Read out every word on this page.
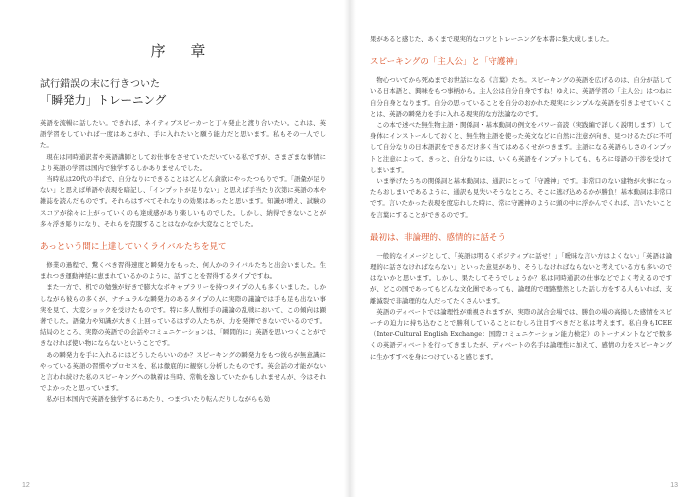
序 章
試行錯誤の末に行きついた
「瞬発力」トレーニング

英語を流暢に話したい。できれば、ネイティブスピーカーと丁々発止と渡り合いたい。これは、英語学習をしていれば一度はあこがれ、手に入れたいと願う能力だと思います。私もその一人でした。

現在は同時通訳者や英語講師としてお仕事をさせていただいている私ですが、さまざまな事情により英語の学習は国内で独学するしかありませんでした。

当時私は20代の半ばで、自分なりにできることはどんどん貪欲にやったつもりです。「語彙が足りない」と思えば単語や表現を暗記し、「インプットが足りない」と思えば手当たり次第に英語の本や雑誌を読んだものです。それらはすべてそれなりの効果はあったと思います。知識が増え、試験のスコアが徐々に上がっていくのも達成感があり楽しいものでした。しかし、納得できないことが多々浮き彫りになり、それらを克服することはなかなか大変なことでした。

あっという間に上達していくライバルたちを見て

修業の過程で、驚くべき習得速度と瞬発力をもった、何人かのライバルたちと出会いました。生まれつき運動神経に恵まれているかのように、話すことを習得するタイプですね。

また一方で、机での勉強が好きで膨大なボキャブラリーを持つタイプの人も多くいました。しかしながら彼らの多くが、ナチュラルな瞬発力のあるタイプの人に実際の議論では手も足も出ない事実を見て、大変ショックを受けたものです。特に多人数相手の議論の乱戦において、この傾向は顕著でした。語彙力や知識が大きく上回っているはずの人たちが、力を発揮できないでいるのです。結局のところ、実際の英語での会話やコミュニケーションは、「瞬間的に」英語を思いつくことができなければ使い物にならないということです。

あの瞬発力を手に入れるにはどうしたらいいのか？スピーキングの瞬発力をもつ彼らが無意識にやっている英語の習慣やプロセスを、私は徹底的に観察し分析したものです。英会話の才能がないと言われ続けた私のスピーキングへの執着は当時、常軌を逸していたかもしれませんが、今はそれでよかったと思っています。

私が日本国内で英語を独学するにあたり、つまづいたり転んだりしながらも効

12

果があると感じた、あくまで現実的なコツとトレーニングを本書に集大成しました。

スピーキングの「主人公」と「守護神」

物心ついてから死ぬまでお世話になる《言葉》たち。スピーキングの英語を広げるのは、自分が話している日本語と、興味をもつ事柄から。主人公は自分自身ですね！ゆえに、英語学習の「主人公」はつねに自分自身となります。自分の思っていることを自分のおかれた現実にシンプルな英語を引きよせていくことは、英語の瞬発力を手に入れる現実的な方法論なのです。

この本で述べた無生物主語・関係詞・基本動詞の例文をパワー音読（実践編で詳しく説明します）して身体にインストールしておくと、無生物主語を使った英文などに自然に注意が向き、見つけるたびに不可して自分なりの日本語訳をできるだけ多く当てはめるくせがつきます。主語になる英語らしさのインプットと注意によって、きっと、自分なりには、いくら英語をインプットしても、もろに母語の干渉を受けてしまいます。

いま挙げたうちの関係詞と基本動詞は、通訳にとって「守護神」です。非常口のない建物が火事になったらおしまいであるように、通訳も見失いそうなところ、そこに逃げ込めるかが勝負！基本動詞は非常口です。言いたかった表現を度忘れした時に、常に守護神のように頭の中に浮かんでくれば、言いたいことを言葉にすることができるのです。

最初は、非論理的、感情的に話そう

一般的なイメージとして、「英語は明るくポジティブに話せ！」「曖昧な言い方はよくない」「英語は論理的に話さなければならない」といった意見があり、そうしなければならないと考えている方も多いのではないかと思います。しかし、果たしてそうでしょうか？私は同時通訳の仕事などでよく考えるのですが、どこの国であってもどんな文化圏であっても、論理的で理路整然とした話し方をする人もいれば、支離滅裂で非論理的な人だってたくさんいます。

英語のディベートでは論理性が重視されますが、実際の試合会場では、勝負の場の高揚した感情をスピーチの迫力に持ち込むことで勝利していることにむしろ注目すべきだと私は考えます。私自身もICEE（Inter-Cultural English Exchange：国際コミュニケーション能力検定）のトーナメントなどで数多くの英語ディベートを行ってきましたが、ディベートの名手は論理性に加えて、感情の力をスピーキングに生かすすべを身につけていると感じます。

13
